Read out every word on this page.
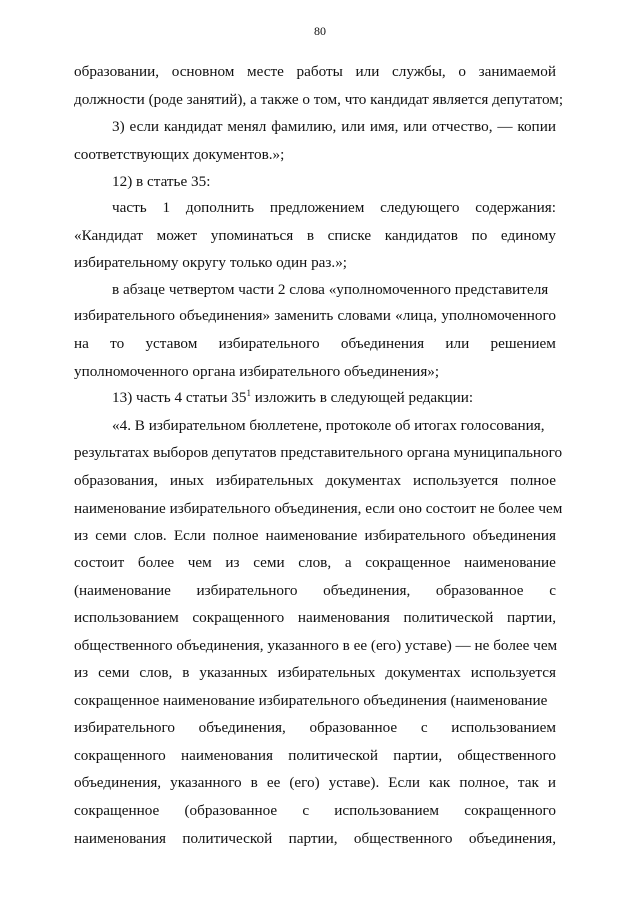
80
образовании, основном месте работы или службы, о занимаемой
должности (роде занятий), а также о том, что кандидат является депутатом;
3) если кандидат менял фамилию, или имя, или отчество, — копии
соответствующих документов.»;
12) в статье 35:
часть 1 дополнить предложением следующего содержания:
«Кандидат может упоминаться в списке кандидатов по единому
избирательному округу только один раз.»;
в абзаце четвертом части 2 слова «уполномоченного представителя
избирательного объединения» заменить словами «лица, уполномоченного
на то уставом избирательного объединения или решением
уполномоченного органа избирательного объединения»;
13) часть 4 статьи $35^1$ изложить в следующей редакции:
«4. В избирательном бюллетене, протоколе об итогах голосования,
результатах выборов депутатов представительного органа муниципального
образования, иных избирательных документах используется полное
наименование избирательного объединения, если оно состоит не более чем
из семи слов. Если полное наименование избирательного объединения
состоит более чем из семи слов, а сокращенное наименование
(наименование избирательного объединения, образованное с
использованием сокращенного наименования политической партии,
общественного объединения, указанного в ее (его) уставе) — не более чем
из семи слов, в указанных избирательных документах используется
сокращенное наименование избирательного объединения (наименование
избирательного объединения, образованное с использованием
сокращенного наименования политической партии, общественного
объединения, указанного в ее (его) уставе). Если как полное, так и
сокращенное (образованное с использованием сокращенного
наименования политической партии, общественного объединения,
